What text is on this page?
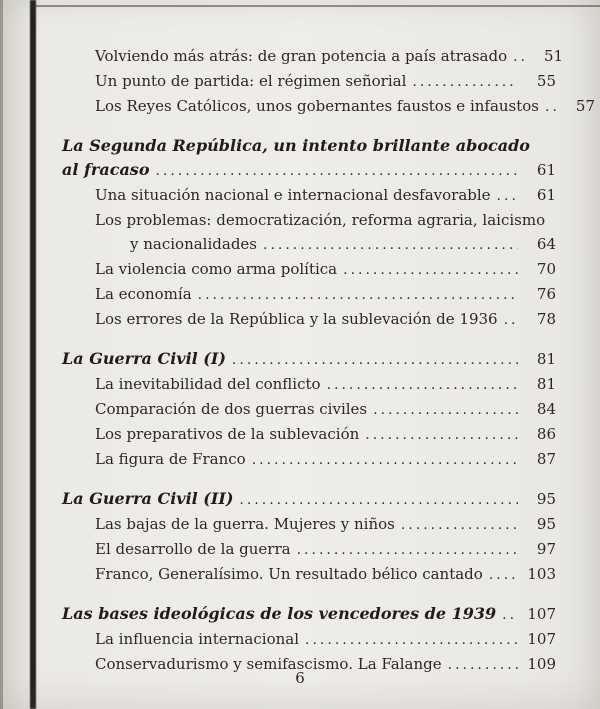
Volviendo más atrás: de gran potencia a país atrasado .....	51
Un punto de partida: el régimen señorial .....	55
Los Reyes Católicos, unos gobernantes faustos e infaustos .....	57
La Segunda República, un intento brillante abocado
al fracaso .....	61
Una situación nacional e internacional desfavorable .....	61
Los problemas: democratización, reforma agraria, laicismo
y nacionalidades .....	64
La violencia como arma política .....	70
La economía .....	76
Los errores de la República y la sublevación de 1936 .....	78
La Guerra Civil (I) .....	81
La inevitabilidad del conflicto .....	81
Comparación de dos guerras civiles .....	84
Los preparativos de la sublevación .....	86
La figura de Franco .....	87
La Guerra Civil (II) .....	95
Las bajas de la guerra. Mujeres y niños .....	95
El desarrollo de la guerra .....	97
Franco, Generalísimo. Un resultado bélico cantado .....	103
Las bases ideológicas de los vencedores de 1939 ..... 107
La influencia internacional .....	107
Conservadurismo y semifascismo. La Falange .....	109
6
